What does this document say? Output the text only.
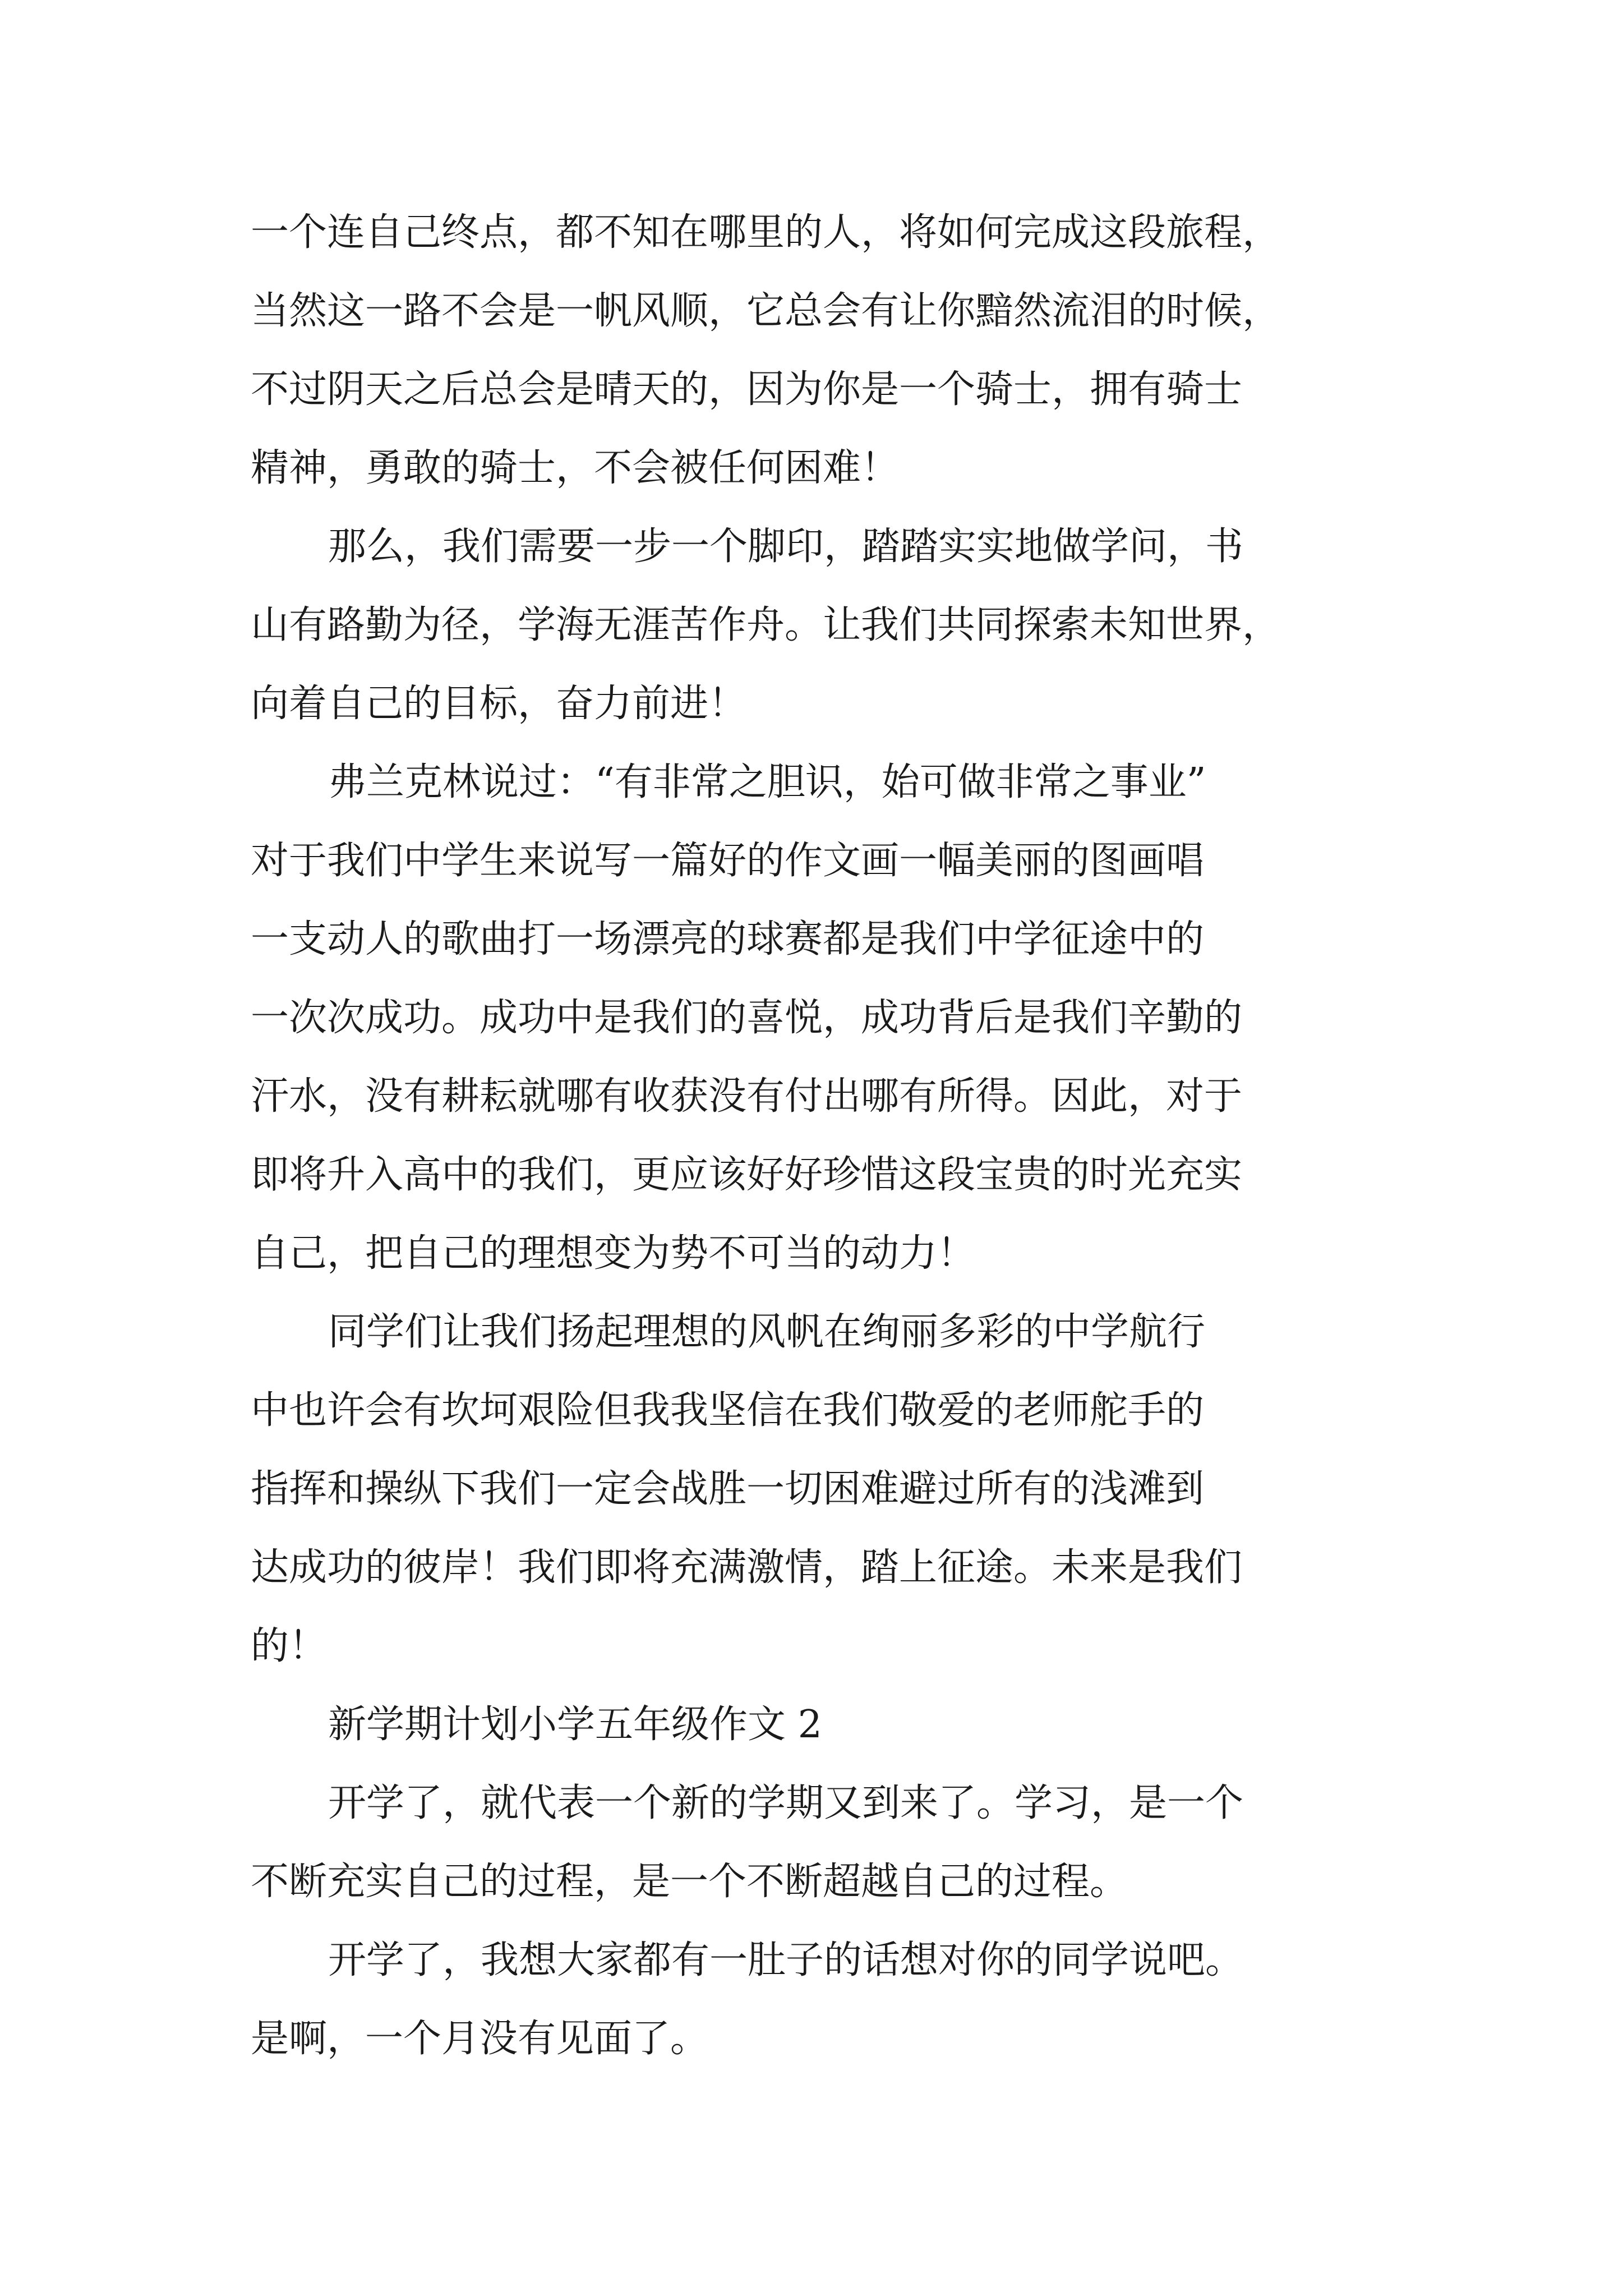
一个连自己终点，都不知在哪里的人，将如何完成这段旅程，
当然这一路不会是一帆风顺，它总会有让你黯然流泪的时候，
不过阴天之后总会是晴天的，因为你是一个骑士，拥有骑士
精神，勇敢的骑士，不会被任何困难！
那么，我们需要一步一个脚印，踏踏实实地做学问，书
山有路勤为径，学海无涯苦作舟。让我们共同探索未知世界，
向着自己的目标，奋力前进！
弗兰克林说过：“有非常之胆识，始可做非常之事业”
对于我们中学生来说写一篇好的作文画一幅美丽的图画唱
一支动人的歌曲打一场漂亮的球赛都是我们中学征途中的
一次次成功。成功中是我们的喜悦，成功背后是我们辛勤的
汗水，没有耕耘就哪有收获没有付出哪有所得。因此，对于
即将升入高中的我们，更应该好好珍惜这段宝贵的时光充实
自己，把自己的理想变为势不可当的动力！
同学们让我们扬起理想的风帆在绚丽多彩的中学航行
中也许会有坎坷艰险但我我坚信在我们敬爱的老师舵手的
指挥和操纵下我们一定会战胜一切困难避过所有的浅滩到
达成功的彼岸！我们即将充满激情，踏上征途。未来是我们
的！
新学期计划小学五年级作文 2
开学了，就代表一个新的学期又到来了。学习，是一个
不断充实自己的过程，是一个不断超越自己的过程。
开学了，我想大家都有一肚子的话想对你的同学说吧。
是啊，一个月没有见面了。
